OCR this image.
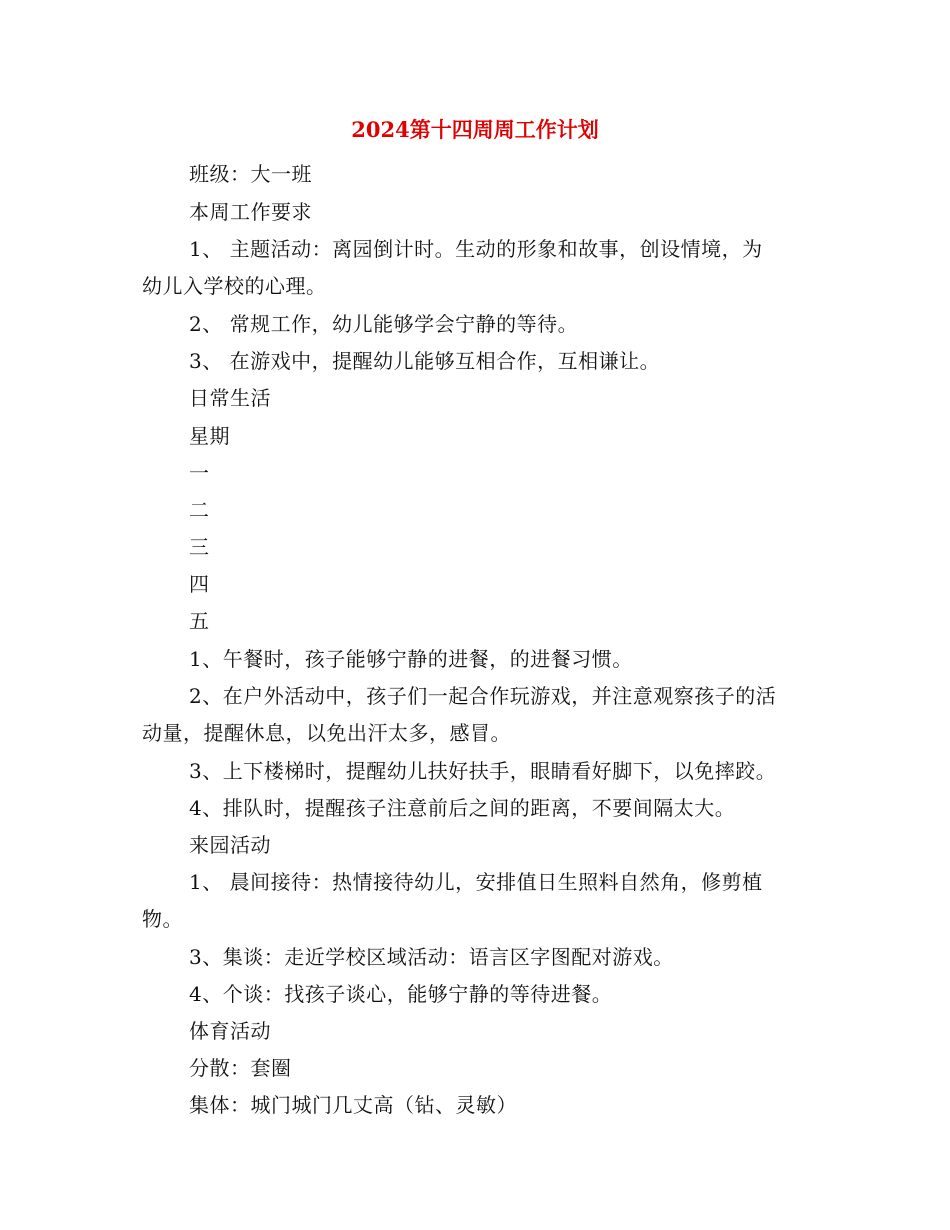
2024第十四周周工作计划
班级：大一班
本周工作要求
1、 主题活动：离园倒计时。生动的形象和故事，创设情境，为
幼儿入学校的心理。
2、 常规工作，幼儿能够学会宁静的等待。
3、 在游戏中，提醒幼儿能够互相合作，互相谦让。
日常生活
星期
一
二
三
四
五
1、午餐时，孩子能够宁静的进餐，的进餐习惯。
2、在户外活动中，孩子们一起合作玩游戏，并注意观察孩子的活
动量，提醒休息，以免出汗太多，感冒。
3、上下楼梯时，提醒幼儿扶好扶手，眼睛看好脚下，以免摔跤。
4、排队时，提醒孩子注意前后之间的距离，不要间隔太大。
来园活动
1、 晨间接待：热情接待幼儿，安排值日生照料自然角，修剪植
物。
3、集谈：走近学校区域活动：语言区字图配对游戏。
4、个谈：找孩子谈心，能够宁静的等待进餐。
体育活动
分散：套圈
集体：城门城门几丈高（钻、灵敏）
